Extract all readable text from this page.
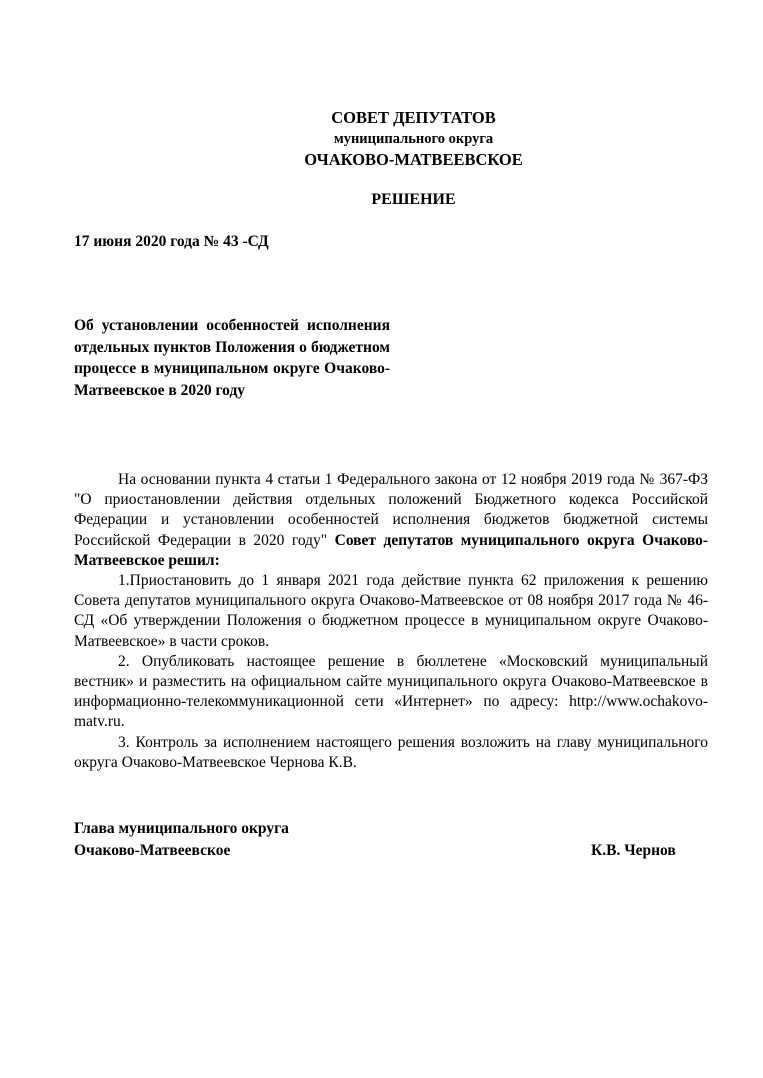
СОВЕТ ДЕПУТАТОВ
муниципального округа
ОЧАКОВО-МАТВЕЕВСКОЕ
РЕШЕНИЕ
17 июня 2020 года № 43 -СД
Об установлении особенностей исполнения отдельных пунктов Положения о бюджетном процессе в муниципальном округе Очаково-Матвеевское в 2020 году

На основании пункта 4 статьи 1 Федерального закона от 12 ноября 2019 года № 367-ФЗ "О приостановлении действия отдельных положений Бюджетного кодекса Российской Федерации и установлении особенностей исполнения бюджетов бюджетной системы Российской Федерации в 2020 году" Совет депутатов муниципального округа Очаково-Матвеевское решил:

1.Приостановить до 1 января 2021 года действие пункта 62 приложения к решению Совета депутатов муниципального округа Очаково-Матвеевское от 08 ноября 2017 года № 46-СД «Об утверждении Положения о бюджетном процессе в муниципальном округе Очаково-Матвеевское» в части сроков.

2. Опубликовать настоящее решение в бюллетене «Московский муниципальный вестник» и разместить на официальном сайте муниципального округа Очаково-Матвеевское в информационно-телекоммуникационной сети «Интернет» по адресу: http://www.ochakovo-matv.ru.

3. Контроль за исполнением настоящего решения возложить на главу муниципального округа Очаково-Матвеевское Чернова К.В.

Глава муниципального округа
Очаково-Матвеевское	К.В. Чернов
